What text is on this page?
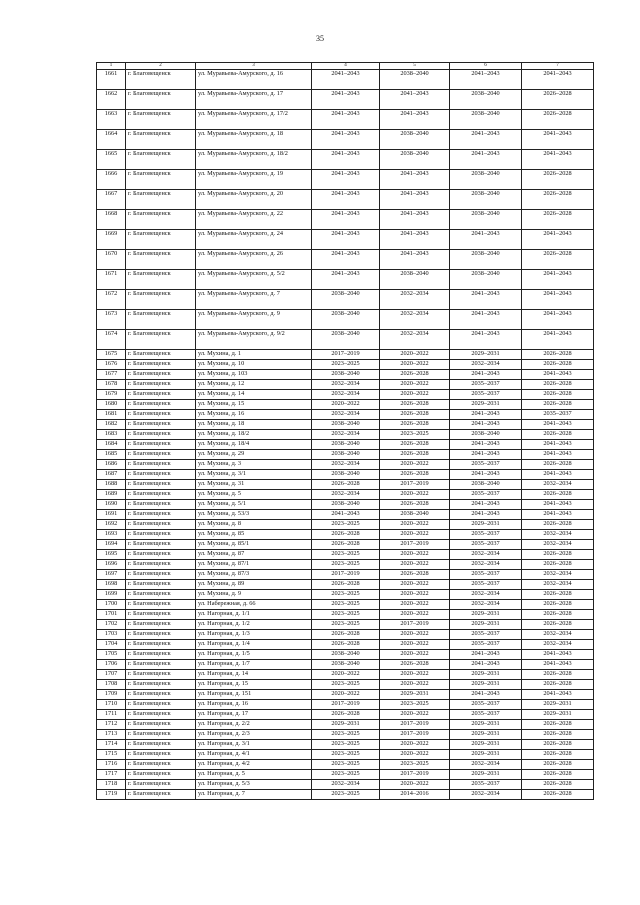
35
1	2	3	4	5	6	7
1661	г. Благовещенск	ул. Муравьева-Амурского, д. 16	2041–2043	2038–2040	2041–2043	2041–2043
1662	г. Благовещенск	ул. Муравьева-Амурского, д. 17	2041–2043	2041–2043	2038–2040	2026–2028
1663	г. Благовещенск	ул. Муравьева-Амурского, д. 17/2	2041–2043	2041–2043	2038–2040	2026–2028
1664	г. Благовещенск	ул. Муравьева-Амурского, д. 18	2041–2043	2038–2040	2041–2043	2041–2043
1665	г. Благовещенск	ул. Муравьева-Амурского, д. 18/2	2041–2043	2038–2040	2041–2043	2041–2043
1666	г. Благовещенск	ул. Муравьева-Амурского, д. 19	2041–2043	2041–2043	2038–2040	2026–2028
1667	г. Благовещенск	ул. Муравьева-Амурского, д. 20	2041–2043	2041–2043	2038–2040	2026–2028
1668	г. Благовещенск	ул. Муравьева-Амурского, д. 22	2041–2043	2041–2043	2038–2040	2026–2028
1669	г. Благовещенск	ул. Муравьева-Амурского, д. 24	2041–2043	2041–2043	2041–2043	2041–2043
1670	г. Благовещенск	ул. Муравьева-Амурского, д. 26	2041–2043	2041–2043	2038–2040	2026–2028
1671	г. Благовещенск	ул. Муравьева-Амурского, д. 5/2	2041–2043	2038–2040	2038–2040	2041–2043
1672	г. Благовещенск	ул. Муравьева-Амурского, д. 7	2038–2040	2032–2034	2041–2043	2041–2043
1673	г. Благовещенск	ул. Муравьева-Амурского, д. 9	2038–2040	2032–2034	2041–2043	2041–2043
1674	г. Благовещенск	ул. Муравьева-Амурского, д. 9/2	2038–2040	2032–2034	2041–2043	2041–2043
1675	г. Благовещенск	ул. Мухина, д. 1	2017–2019	2020–2022	2029–2031	2026–2028
1676	г. Благовещенск	ул. Мухина, д. 10	2023–2025	2020–2022	2032–2034	2026–2028
1677	г. Благовещенск	ул. Мухина, д. 103	2038–2040	2026–2028	2041–2043	2041–2043
1678	г. Благовещенск	ул. Мухина, д. 12	2032–2034	2020–2022	2035–2037	2026–2028
1679	г. Благовещенск	ул. Мухина, д. 14	2032–2034	2020–2022	2035–2037	2026–2028
1680	г. Благовещенск	ул. Мухина, д. 15	2020–2022	2026–2028	2029–2031	2026–2028
1681	г. Благовещенск	ул. Мухина, д. 16	2032–2034	2026–2028	2041–2043	2035–2037
1682	г. Благовещенск	ул. Мухина, д. 18	2038–2040	2026–2028	2041–2043	2041–2043
1683	г. Благовещенск	ул. Мухина, д. 18/2	2032–2034	2023–2025	2038–2040	2026–2028
1684	г. Благовещенск	ул. Мухина, д. 18/4	2038–2040	2026–2028	2041–2043	2041–2043
1685	г. Благовещенск	ул. Мухина, д. 29	2038–2040	2026–2028	2041–2043	2041–2043
1686	г. Благовещенск	ул. Мухина, д. 3	2032–2034	2020–2022	2035–2037	2026–2028
1687	г. Благовещенск	ул. Мухина, д. 3/1	2038–2040	2026–2028	2041–2043	2041–2043
1688	г. Благовещенск	ул. Мухина, д. 31	2026–2028	2017–2019	2038–2040	2032–2034
1689	г. Благовещенск	ул. Мухина, д. 5	2032–2034	2020–2022	2035–2037	2026–2028
1690	г. Благовещенск	ул. Мухина, д. 5/1	2038–2040	2026–2028	2041–2043	2041–2043
1691	г. Благовещенск	ул. Мухина, д. 53/3	2041–2043	2038–2040	2041–2043	2041–2043
1692	г. Благовещенск	ул. Мухина, д. 8	2023–2025	2020–2022	2029–2031	2026–2028
1693	г. Благовещенск	ул. Мухина, д. 85	2026–2028	2020–2022	2035–2037	2032–2034
1694	г. Благовещенск	ул. Мухина, д. 85/1	2026–2028	2017–2019	2035–2037	2032–2034
1695	г. Благовещенск	ул. Мухина, д. 87	2023–2025	2020–2022	2032–2034	2026–2028
1696	г. Благовещенск	ул. Мухина, д. 87/1	2023–2025	2020–2022	2032–2034	2026–2028
1697	г. Благовещенск	ул. Мухина, д. 87/3	2017–2019	2026–2028	2035–2037	2032–2034
1698	г. Благовещенск	ул. Мухина, д. 89	2026–2028	2020–2022	2035–2037	2032–2034
1699	г. Благовещенск	ул. Мухина, д. 9	2023–2025	2020–2022	2032–2034	2026–2028
1700	г. Благовещенск	ул. Набережная, д. 66	2023–2025	2020–2022	2032–2034	2026–2028
1701	г. Благовещенск	ул. Нагорная, д. 1/1	2023–2025	2020–2022	2029–2031	2026–2028
1702	г. Благовещенск	ул. Нагорная, д. 1/2	2023–2025	2017–2019	2029–2031	2026–2028
1703	г. Благовещенск	ул. Нагорная, д. 1/3	2026–2028	2020–2022	2035–2037	2032–2034
1704	г. Благовещенск	ул. Нагорная, д. 1/4	2026–2028	2020–2022	2035–2037	2032–2034
1705	г. Благовещенск	ул. Нагорная, д. 1/5	2038–2040	2020–2022	2041–2043	2041–2043
1706	г. Благовещенск	ул. Нагорная, д. 1/7	2038–2040	2026–2028	2041–2043	2041–2043
1707	г. Благовещенск	ул. Нагорная, д. 14	2020–2022	2020–2022	2029–2031	2026–2028
1708	г. Благовещенск	ул. Нагорная, д. 15	2023–2025	2020–2022	2029–2031	2026–2028
1709	г. Благовещенск	ул. Нагорная, д. 151	2020–2022	2029–2031	2041–2043	2041–2043
1710	г. Благовещенск	ул. Нагорная, д. 16	2017–2019	2023–2025	2035–2037	2029–2031
1711	г. Благовещенск	ул. Нагорная, д. 17	2026–2028	2020–2022	2035–2037	2029–2031
1712	г. Благовещенск	ул. Нагорная, д. 2/2	2029–2031	2017–2019	2029–2031	2026–2028
1713	г. Благовещенск	ул. Нагорная, д. 2/3	2023–2025	2017–2019	2029–2031	2026–2028
1714	г. Благовещенск	ул. Нагорная, д. 3/1	2023–2025	2020–2022	2029–2031	2026–2028
1715	г. Благовещенск	ул. Нагорная, д. 4/1	2023–2025	2020–2022	2029–2031	2026–2028
1716	г. Благовещенск	ул. Нагорная, д. 4/2	2023–2025	2023–2025	2032–2034	2026–2028
1717	г. Благовещенск	ул. Нагорная, д. 5	2023–2025	2017–2019	2029–2031	2026–2028
1718	г. Благовещенск	ул. Нагорная, д. 5/3	2032–2034	2020–2022	2035–2037	2026–2028
1719	г. Благовещенск	ул. Нагорная, д. 7	2023–2025	2014–2016	2032–2034	2026–2028
